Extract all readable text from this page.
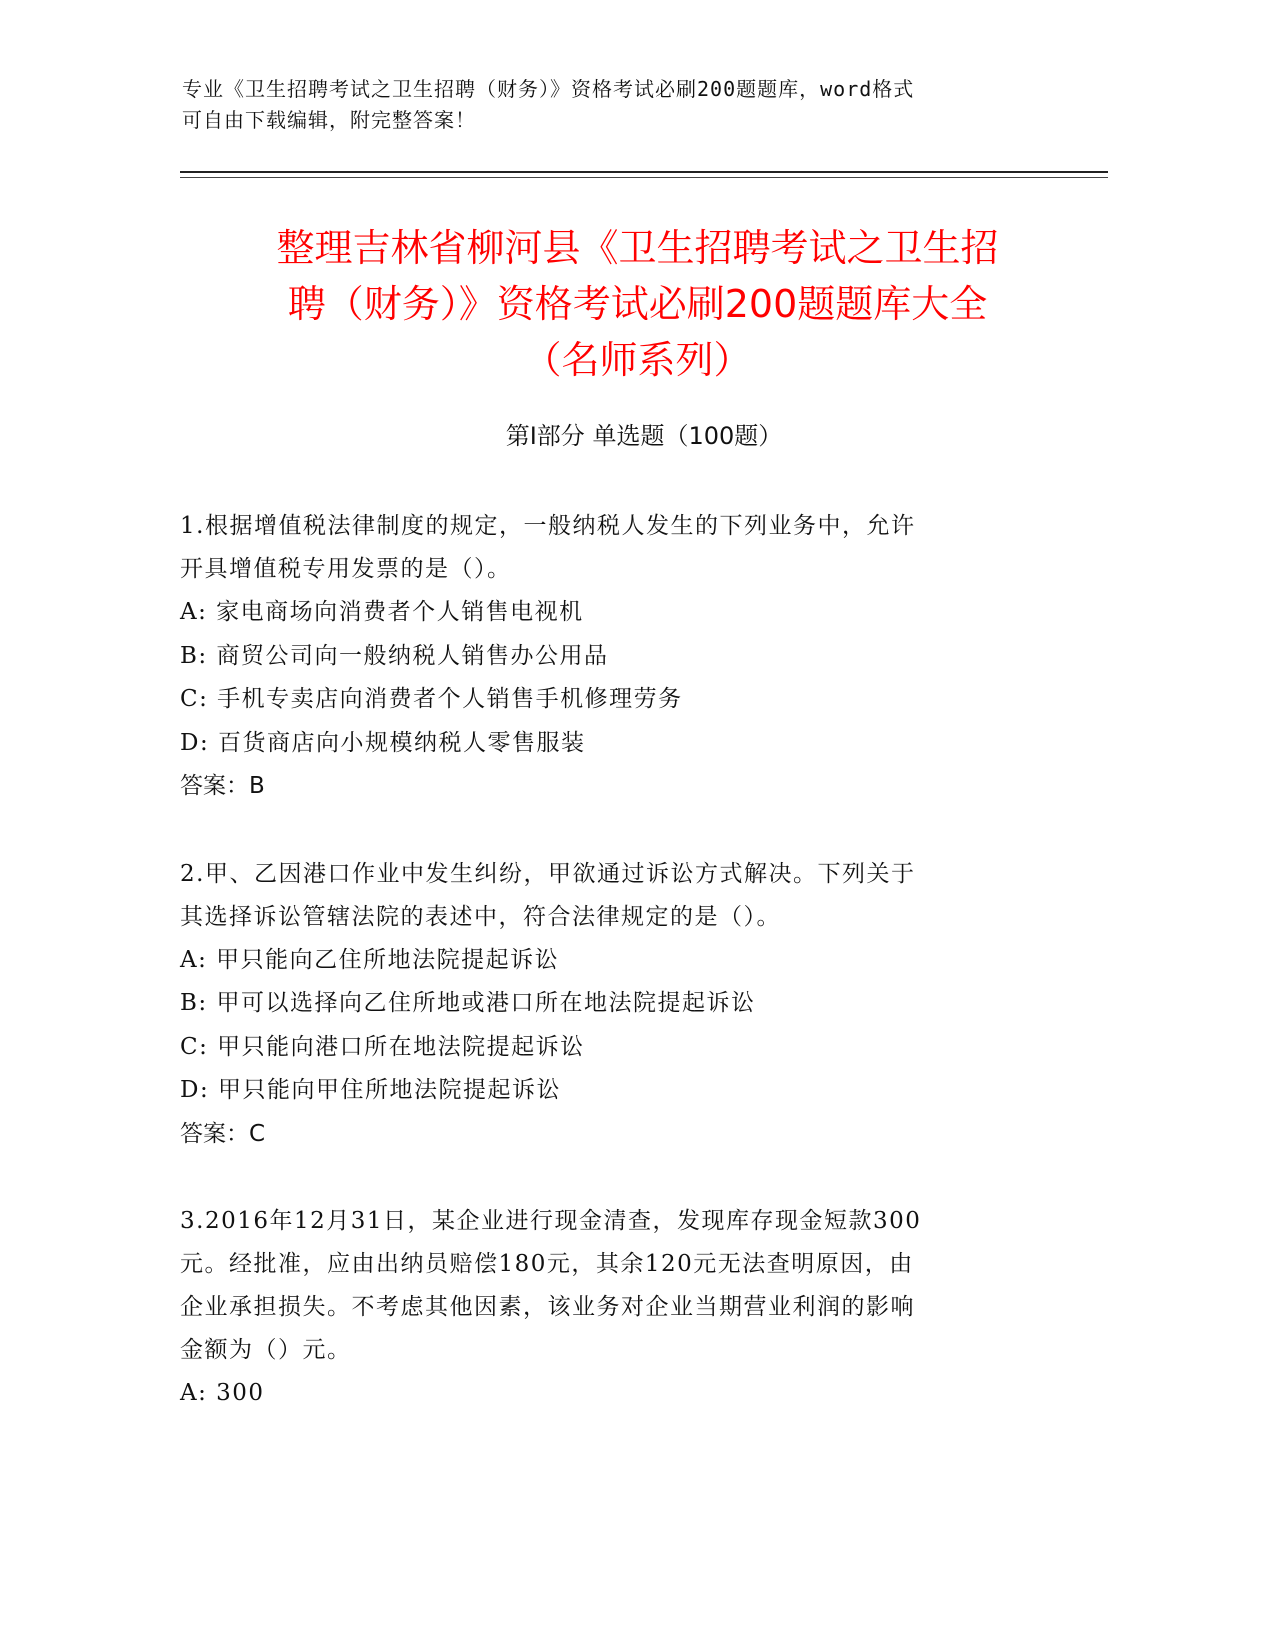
专业《卫生招聘考试之卫生招聘（财务）》资格考试必刷200题题库，word格式
可自由下载编辑，附完整答案！
整理吉林省柳河县《卫生招聘考试之卫生招
聘（财务）》资格考试必刷200题题库大全
（名师系列）
第Ⅰ部分 单选题（100题）
1.根据增值税法律制度的规定，一般纳税人发生的下列业务中，允许
开具增值税专用发票的是（）。
A: 家电商场向消费者个人销售电视机
B: 商贸公司向一般纳税人销售办公用品
C: 手机专卖店向消费者个人销售手机修理劳务
D: 百货商店向小规模纳税人零售服装
答案：B
2.甲、乙因港口作业中发生纠纷，甲欲通过诉讼方式解决。下列关于
其选择诉讼管辖法院的表述中，符合法律规定的是（）。
A: 甲只能向乙住所地法院提起诉讼
B: 甲可以选择向乙住所地或港口所在地法院提起诉讼
C: 甲只能向港口所在地法院提起诉讼
D: 甲只能向甲住所地法院提起诉讼
答案：C
3.2016年12月31日，某企业进行现金清查，发现库存现金短款300
元。经批准，应由出纳员赔偿180元，其余120元无法查明原因，由
企业承担损失。不考虑其他因素，该业务对企业当期营业利润的影响
金额为（）元。
A: 300
